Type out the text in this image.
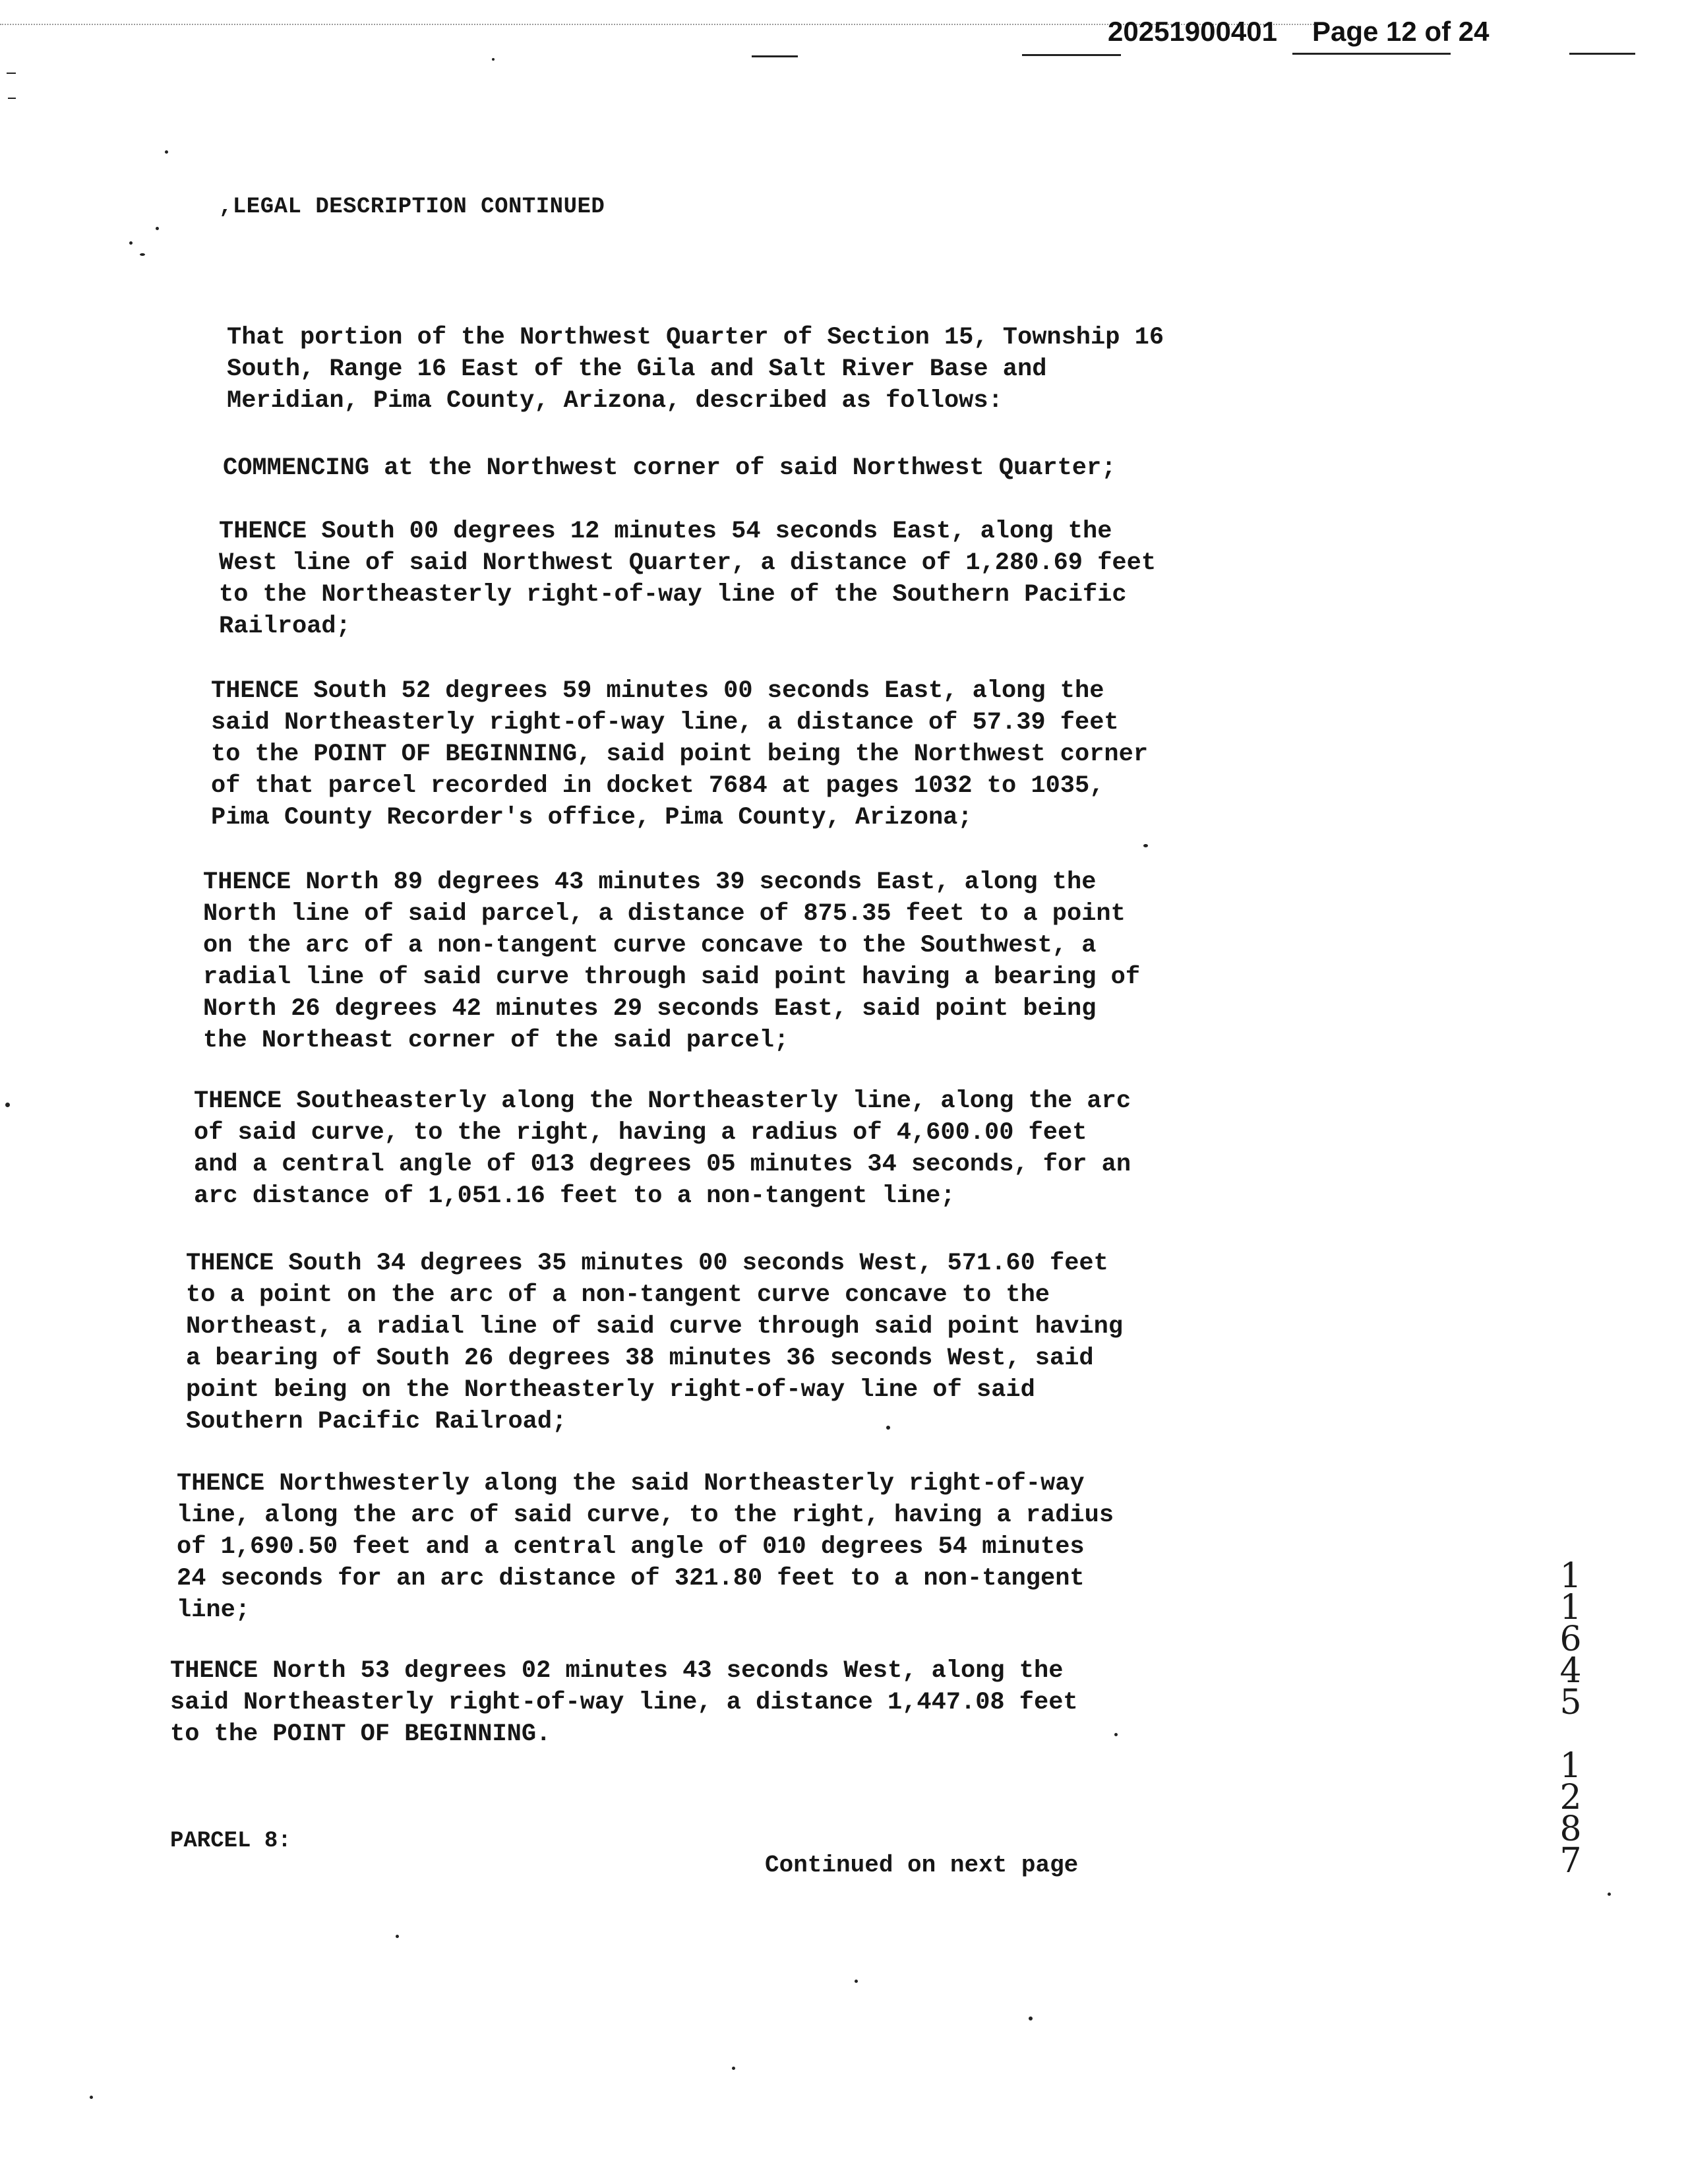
20251900401 Page 12 of 24
,LEGAL DESCRIPTION CONTINUED
That portion of the Northwest Quarter of Section 15, Township 16
South, Range 16 East of the Gila and Salt River Base and
Meridian, Pima County, Arizona, described as follows:
COMMENCING at the Northwest corner of said Northwest Quarter;
THENCE South 00 degrees 12 minutes 54 seconds East, along the
West line of said Northwest Quarter, a distance of 1,280.69 feet
to the Northeasterly right-of-way line of the Southern Pacific
Railroad;
THENCE South 52 degrees 59 minutes 00 seconds East, along the
said Northeasterly right-of-way line, a distance of 57.39 feet
to the POINT OF BEGINNING, said point being the Northwest corner
of that parcel recorded in docket 7684 at pages 1032 to 1035,
Pima County Recorder's office, Pima County, Arizona;
THENCE North 89 degrees 43 minutes 39 seconds East, along the
North line of said parcel, a distance of 875.35 feet to a point
on the arc of a non-tangent curve concave to the Southwest, a
radial line of said curve through said point having a bearing of
North 26 degrees 42 minutes 29 seconds East, said point being
the Northeast corner of the said parcel;
THENCE Southeasterly along the Northeasterly line, along the arc
of said curve, to the right, having a radius of 4,600.00 feet
and a central angle of 013 degrees 05 minutes 34 seconds, for an
arc distance of 1,051.16 feet to a non-tangent line;
THENCE South 34 degrees 35 minutes 00 seconds West, 571.60 feet
to a point on the arc of a non-tangent curve concave to the
Northeast, a radial line of said curve through said point having
a bearing of South 26 degrees 38 minutes 36 seconds West, said
point being on the Northeasterly right-of-way line of said
Southern Pacific Railroad;
THENCE Northwesterly along the said Northeasterly right-of-way
line, along the arc of said curve, to the right, having a radius
of 1,690.50 feet and a central angle of 010 degrees 54 minutes
24 seconds for an arc distance of 321.80 feet to a non-tangent
line;
THENCE North 53 degrees 02 minutes 43 seconds West, along the
said Northeasterly right-of-way line, a distance 1,447.08 feet
to the POINT OF BEGINNING.
PARCEL 8:
Continued on next page
1
1
6
4
5
1
2
8
7
